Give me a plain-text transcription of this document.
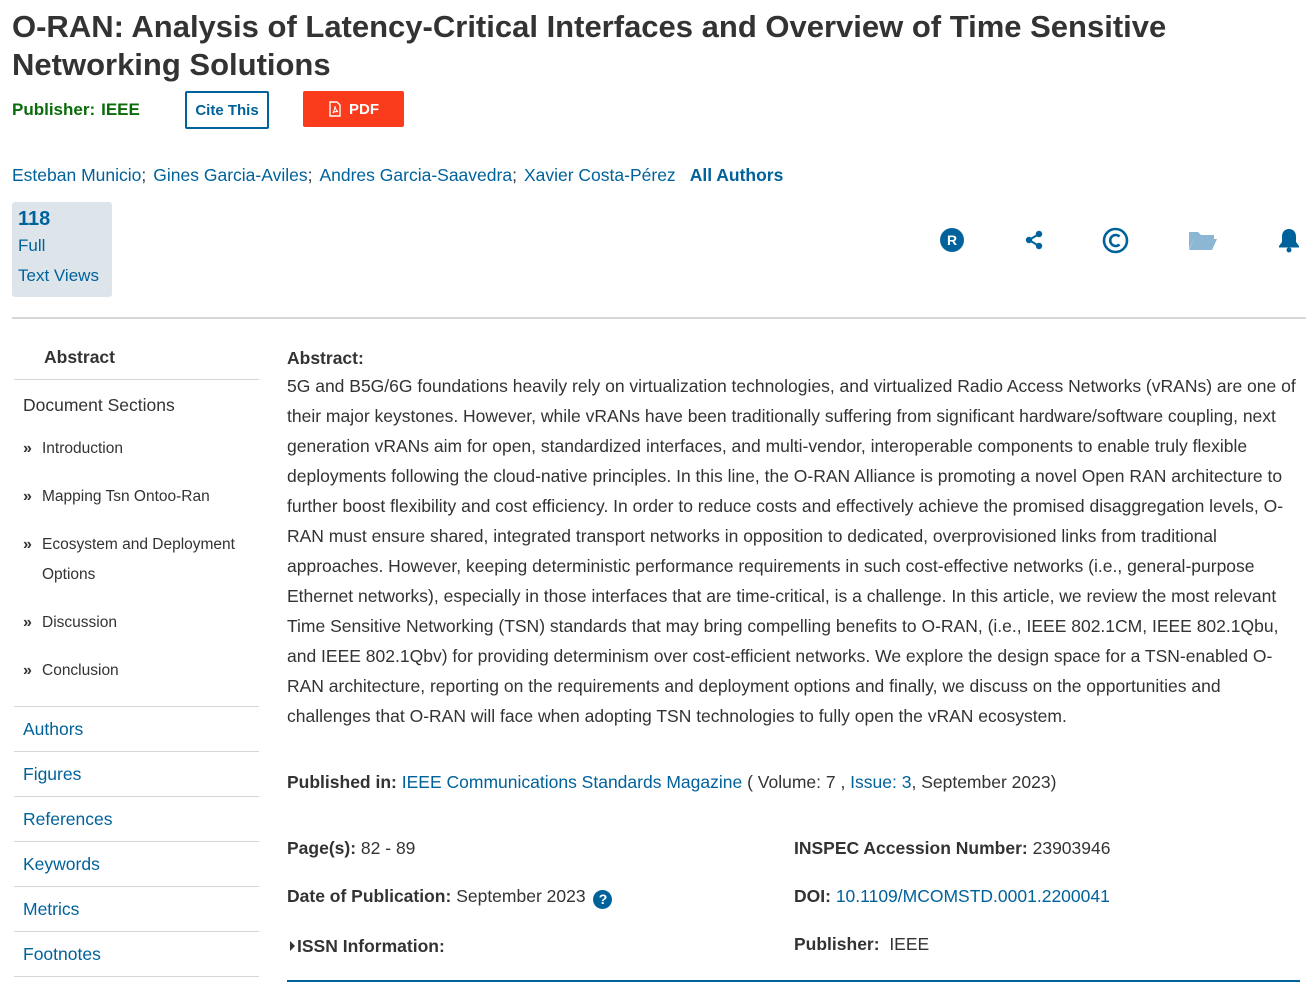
O-RAN: Analysis of Latency-Critical Interfaces and Overview of Time Sensitive Networking Solutions
Publisher: IEEE	Cite This	PDF
Esteban Municio; Gines Garcia-Aviles; Andres Garcia-Saavedra; Xavier Costa-Pérez All Authors
118
Full
Text Views
R
Abstract
Document Sections
» Introduction
» Mapping Tsn Ontoo-Ran
» Ecosystem and Deployment Options
» Discussion
» Conclusion
Authors
Figures
References
Keywords
Metrics
Footnotes
Abstract:

5G and B5G/6G foundations heavily rely on virtualization technologies, and virtualized Radio Access Networks (vRANs) are one of their major keystones. However, while vRANs have been traditionally suffering from significant hardware/software coupling, next generation vRANs aim for open, standardized interfaces, and multi-vendor, interoperable components to enable truly flexible deployments following the cloud-native principles. In this line, the O-RAN Alliance is promoting a novel Open RAN architecture to further boost flexibility and cost efficiency. In order to reduce costs and effectively achieve the promised disaggregation levels, O-RAN must ensure shared, integrated transport networks in opposition to dedicated, overprovisioned links from traditional approaches. However, keeping deterministic performance requirements in such cost-effective networks (i.e., general-purpose Ethernet networks), especially in those interfaces that are time-critical, is a challenge. In this article, we review the most relevant Time Sensitive Networking (TSN) standards that may bring compelling benefits to O-RAN, (i.e., IEEE 802.1CM, IEEE 802.1Qbu, and IEEE 802.1Qbv) for providing determinism over cost-efficient networks. We explore the design space for a TSN-enabled O-RAN architecture, reporting on the requirements and deployment options and finally, we discuss on the opportunities and challenges that O-RAN will face when adopting TSN technologies to fully open the vRAN ecosystem.

Published in: IEEE Communications Standards Magazine ( Volume: 7 , Issue: 3, September 2023)
Page(s): 82 - 89
Date of Publication: September 2023 ?
ISSN Information:
INSPEC Accession Number: 23903946
DOI: 10.1109/MCOMSTD.0001.2200041
Publisher: IEEE
